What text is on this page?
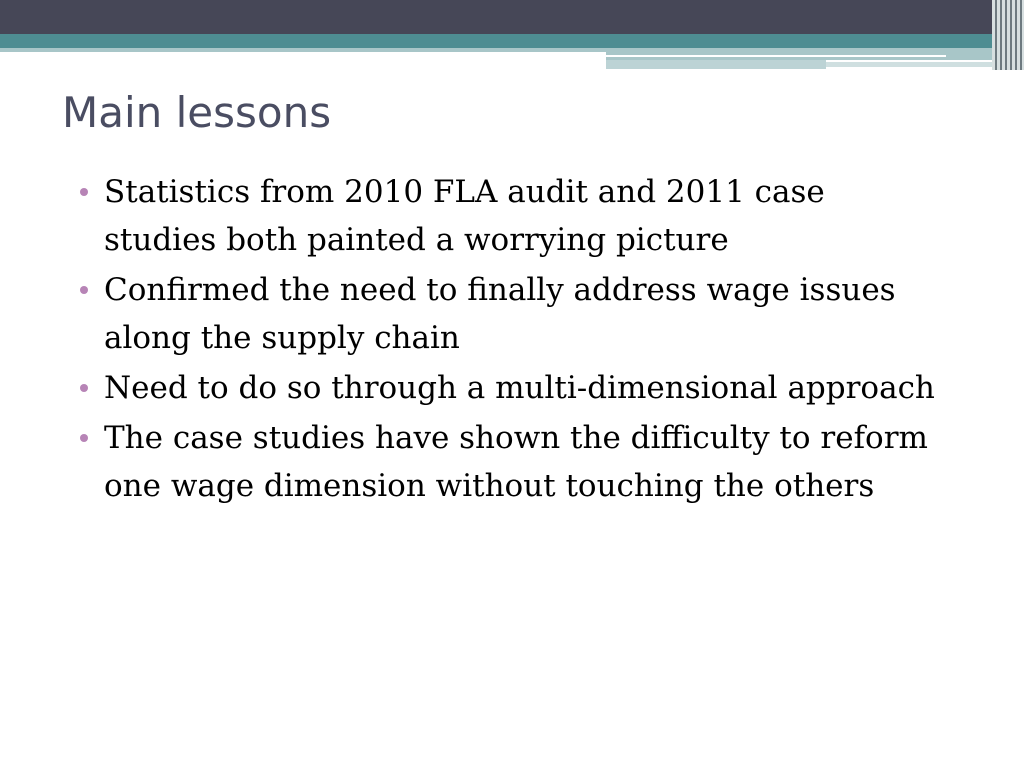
Main lessons
Statistics from 2010 FLA audit and 2011 case studies both painted a worrying picture
Confirmed the need to finally address wage issues along the supply chain
Need to do so through a multi-dimensional approach
The case studies have shown the difficulty to reform one wage dimension without touching the others
